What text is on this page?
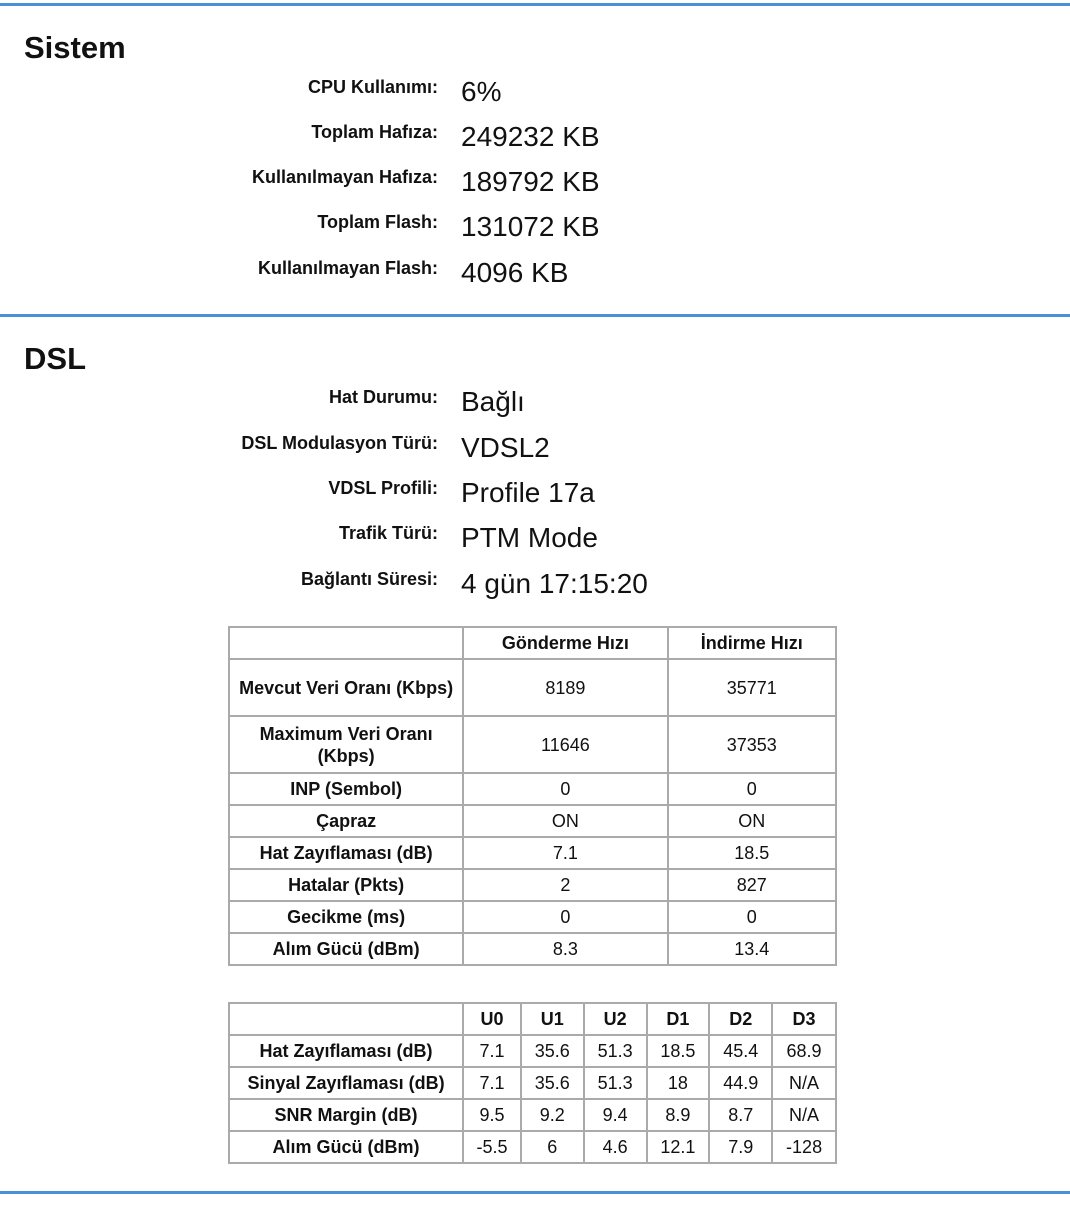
Sistem
CPU Kullanımı: 6%
Toplam Hafıza: 249232 KB
Kullanılmayan Hafıza: 189792 KB
Toplam Flash: 131072 KB
Kullanılmayan Flash: 4096 KB
DSL
Hat Durumu: Bağlı
DSL Modulasyon Türü: VDSL2
VDSL Profili: Profile 17a
Trafik Türü: PTM Mode
Bağlantı Süresi: 4 gün 17:15:20
	Gönderme Hızı	İndirme Hızı
Mevcut Veri Oranı (Kbps)	8189	35771
Maximum Veri Oranı (Kbps)	11646	37353
INP (Sembol)	0	0
Çapraz	ON	ON
Hat Zayıflaması (dB)	7.1	18.5
Hatalar (Pkts)	2	827
Gecikme (ms)	0	0
Alım Gücü (dBm)	8.3	13.4
	U0	U1	U2	D1	D2	D3
Hat Zayıflaması (dB)	7.1	35.6	51.3	18.5	45.4	68.9
Sinyal Zayıflaması (dB)	7.1	35.6	51.3	18	44.9	N/A
SNR Margin (dB)	9.5	9.2	9.4	8.9	8.7	N/A
Alım Gücü (dBm)	-5.5	6	4.6	12.1	7.9	-128
